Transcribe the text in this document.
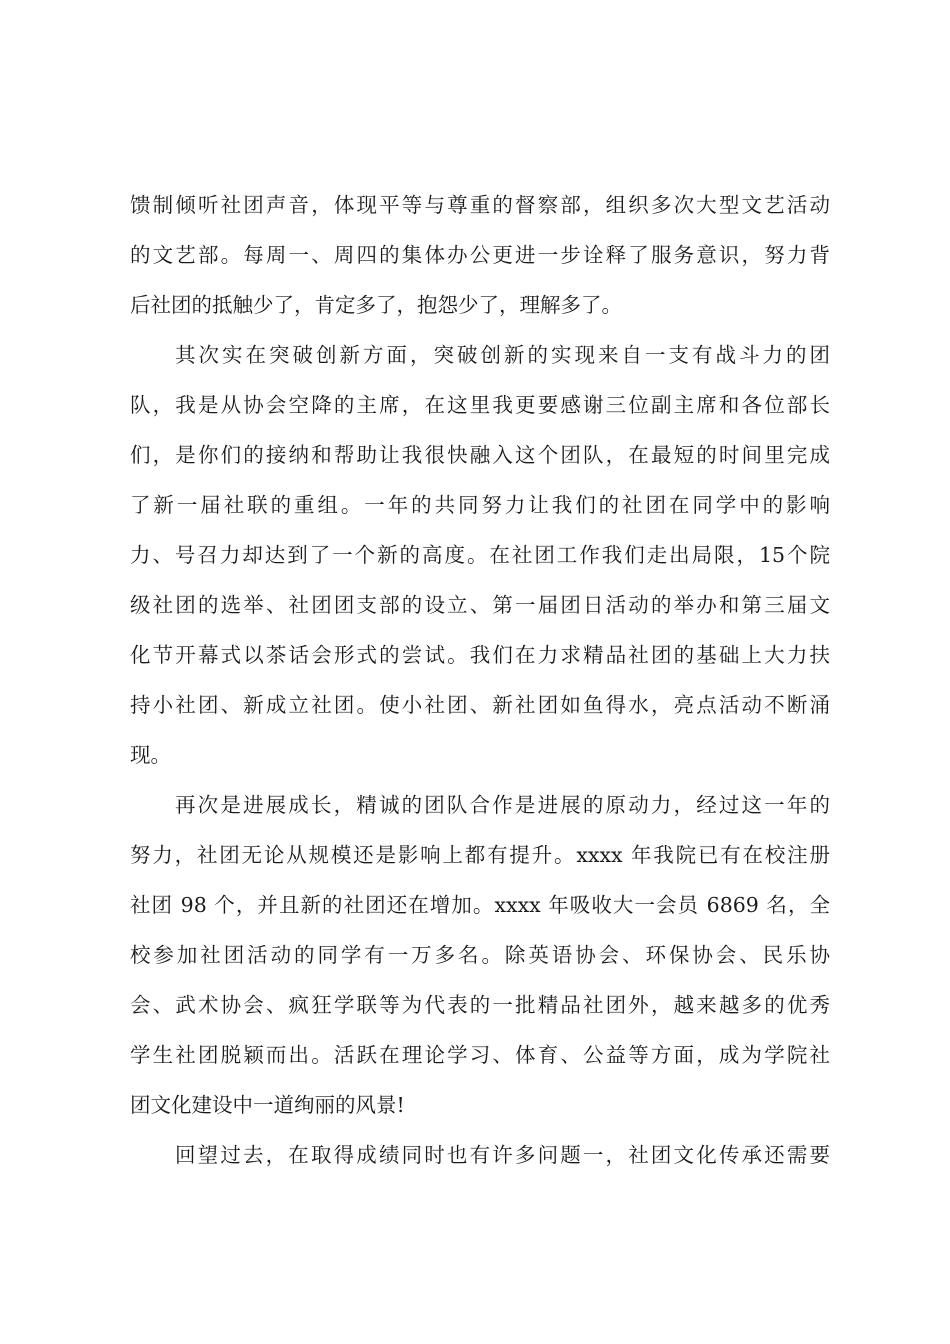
馈制倾听社团声音，体现平等与尊重的督察部，组织多次大型文艺活动
的文艺部。每周一、周四的集体办公更进一步诠释了服务意识，努力背
后社团的抵触少了，肯定多了，抱怨少了，理解多了。
其次实在突破创新方面，突破创新的实现来自一支有战斗力的团
队，我是从协会空降的主席，在这里我更要感谢三位副主席和各位部长
们，是你们的接纳和帮助让我很快融入这个团队，在最短的时间里完成
了新一届社联的重组。一年的共同努力让我们的社团在同学中的影响
力、号召力却达到了一个新的高度。在社团工作我们走出局限，15个院
级社团的选举、社团团支部的设立、第一届团日活动的举办和第三届文
化节开幕式以茶话会形式的尝试。我们在力求精品社团的基础上大力扶
持小社团、新成立社团。使小社团、新社团如鱼得水，亮点活动不断涌
现。
再次是进展成长，精诚的团队合作是进展的原动力，经过这一年的
努力，社团无论从规模还是影响上都有提升。xxxx 年我院已有在校注册
社团 98 个，并且新的社团还在增加。xxxx 年吸收大一会员 6869 名，全
校参加社团活动的同学有一万多名。除英语协会、环保协会、民乐协
会、武术协会、疯狂学联等为代表的一批精品社团外，越来越多的优秀
学生社团脱颖而出。活跃在理论学习、体育、公益等方面，成为学院社
团文化建设中一道绚丽的风景!
回望过去，在取得成绩同时也有许多问题一，社团文化传承还需要
